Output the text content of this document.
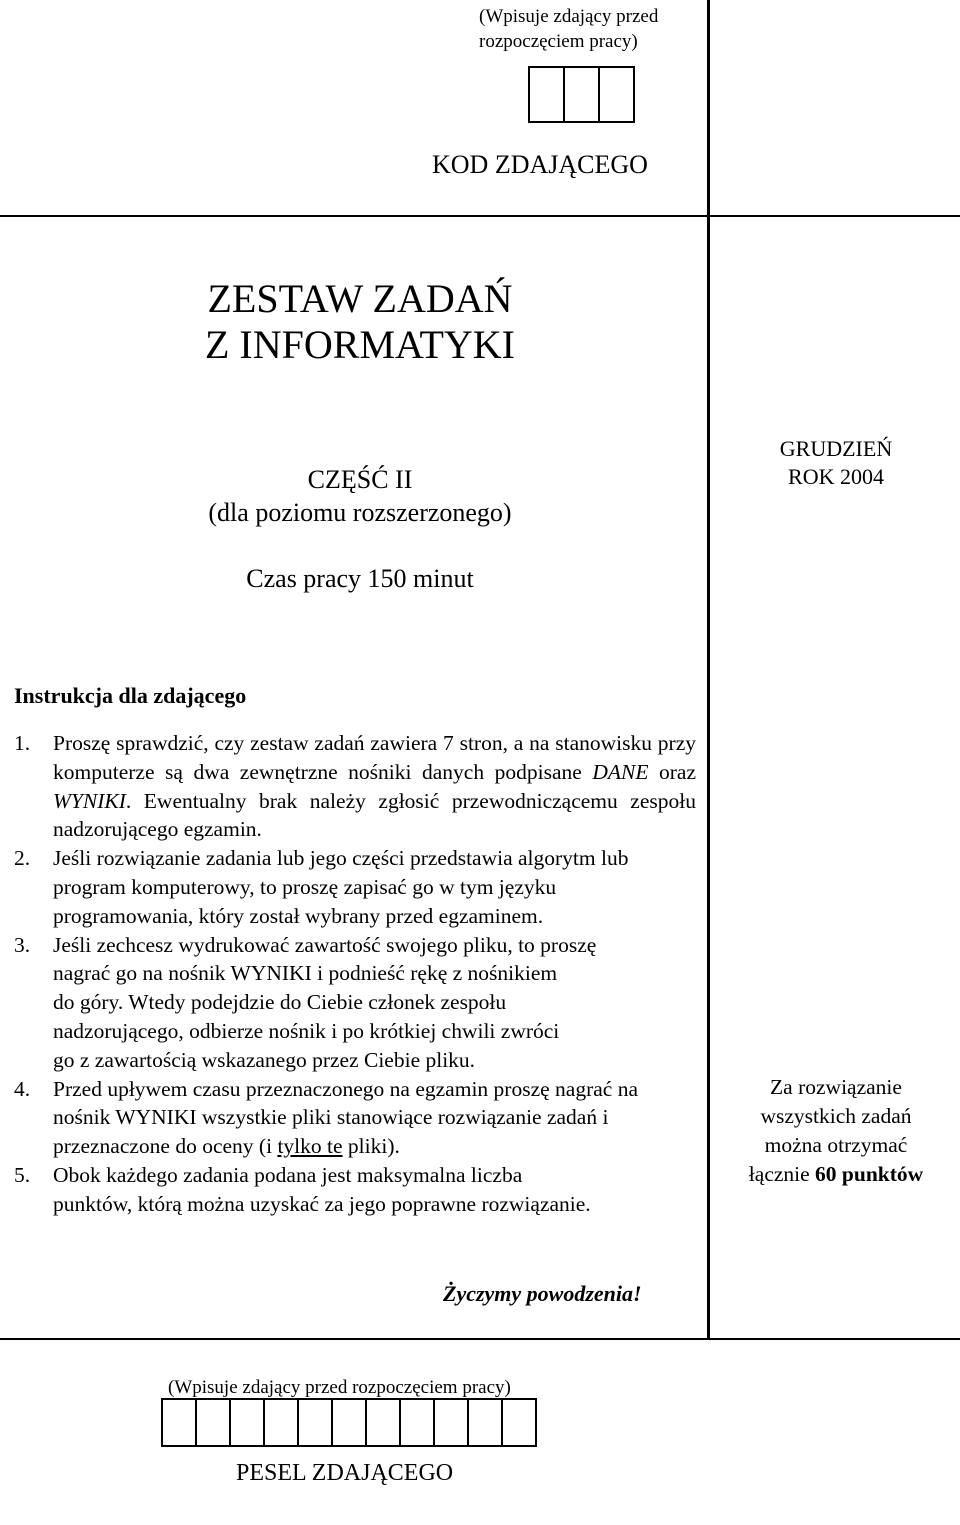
(Wpisuje zdający przed
rozpoczęciem pracy)
KOD ZDAJĄCEGO
ZESTAW ZADAŃ
Z INFORMATYKI
CZĘŚĆ II
(dla poziomu rozszerzonego)
Czas pracy 150 minut
GRUDZIEŃ
ROK 2004
Instrukcja dla zdającego
1. Proszę sprawdzić, czy zestaw zadań zawiera 7 stron, a na stanowisku przy komputerze są dwa zewnętrzne nośniki danych podpisane DANE oraz WYNIKI. Ewentualny brak należy zgłosić przewodniczącemu zespołu nadzorującego egzamin.
2. Jeśli rozwiązanie zadania lub jego części przedstawia algorytm lub program komputerowy, to proszę zapisać go w tym języku programowania, który został wybrany przed egzaminem.
3. Jeśli zechcesz wydrukować zawartość swojego pliku, to proszę
nagrać go na nośnik WYNIKI i podnieść rękę z nośnikiem
do góry. Wtedy podejdzie do Ciebie członek zespołu
nadzorującego, odbierze nośnik i po krótkiej chwili zwróci
go z zawartością wskazanego przez Ciebie pliku.
4. Przed upływem czasu przeznaczonego na egzamin proszę nagrać na nośnik WYNIKI wszystkie pliki stanowiące rozwiązanie zadań i przeznaczone do oceny (i tylko te pliki).
5. Obok każdego zadania podana jest maksymalna liczba
punktów, którą można uzyskać za jego poprawne rozwiązanie.
Za rozwiązanie
wszystkich zadań
można otrzymać
łącznie 60 punktów
Życzymy powodzenia!
(Wpisuje zdający przed rozpoczęciem pracy)
PESEL ZDAJĄCEGO
